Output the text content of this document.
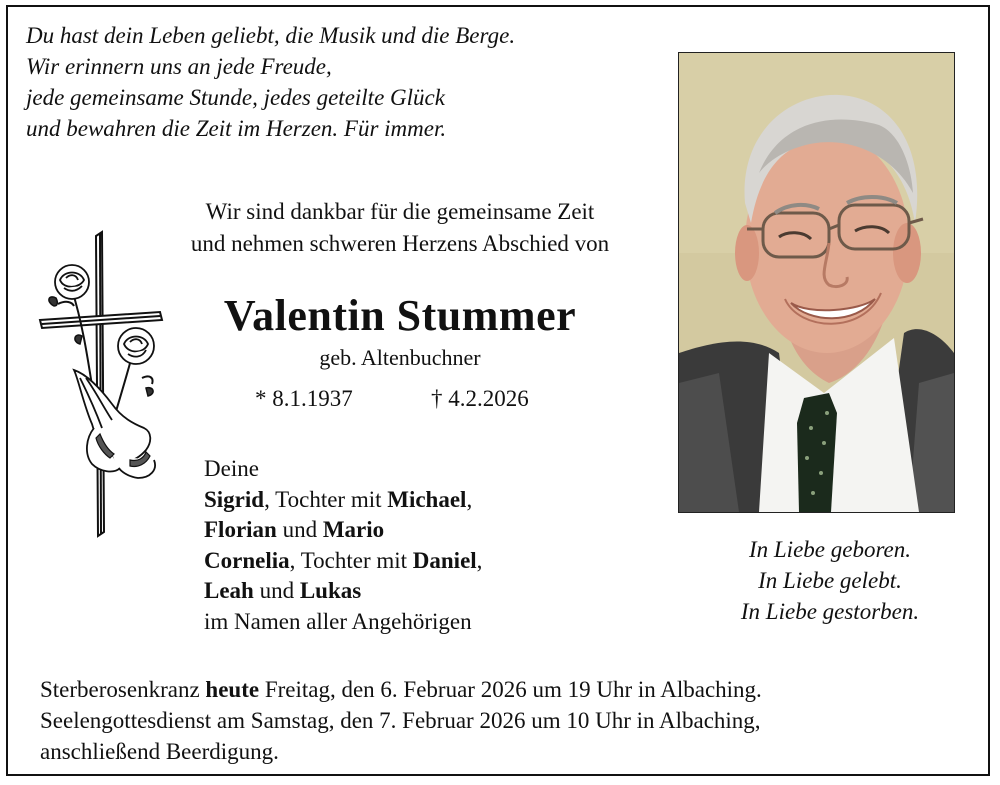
Du hast dein Leben geliebt, die Musik und die Berge.
Wir erinnern uns an jede Freude,
jede gemeinsame Stunde, jedes geteilte Glück
und bewahren die Zeit im Herzen. Für immer.
Wir sind dankbar für die gemeinsame Zeit
und nehmen schweren Herzens Abschied von
Valentin Stummer
geb. Altenbuchner
* 8.1.1937	† 4.2.2026
Deine
Sigrid, Tochter mit Michael,
Florian und Mario
Cornelia, Tochter mit Daniel,
Leah und Lukas
im Namen aller Angehörigen
In Liebe geboren.
In Liebe gelebt.
In Liebe gestorben.
Sterberosenkranz heute Freitag, den 6. Februar 2026 um 19 Uhr in Albaching.
Seelengottesdienst am Samstag, den 7. Februar 2026 um 10 Uhr in Albaching,
anschließend Beerdigung.
